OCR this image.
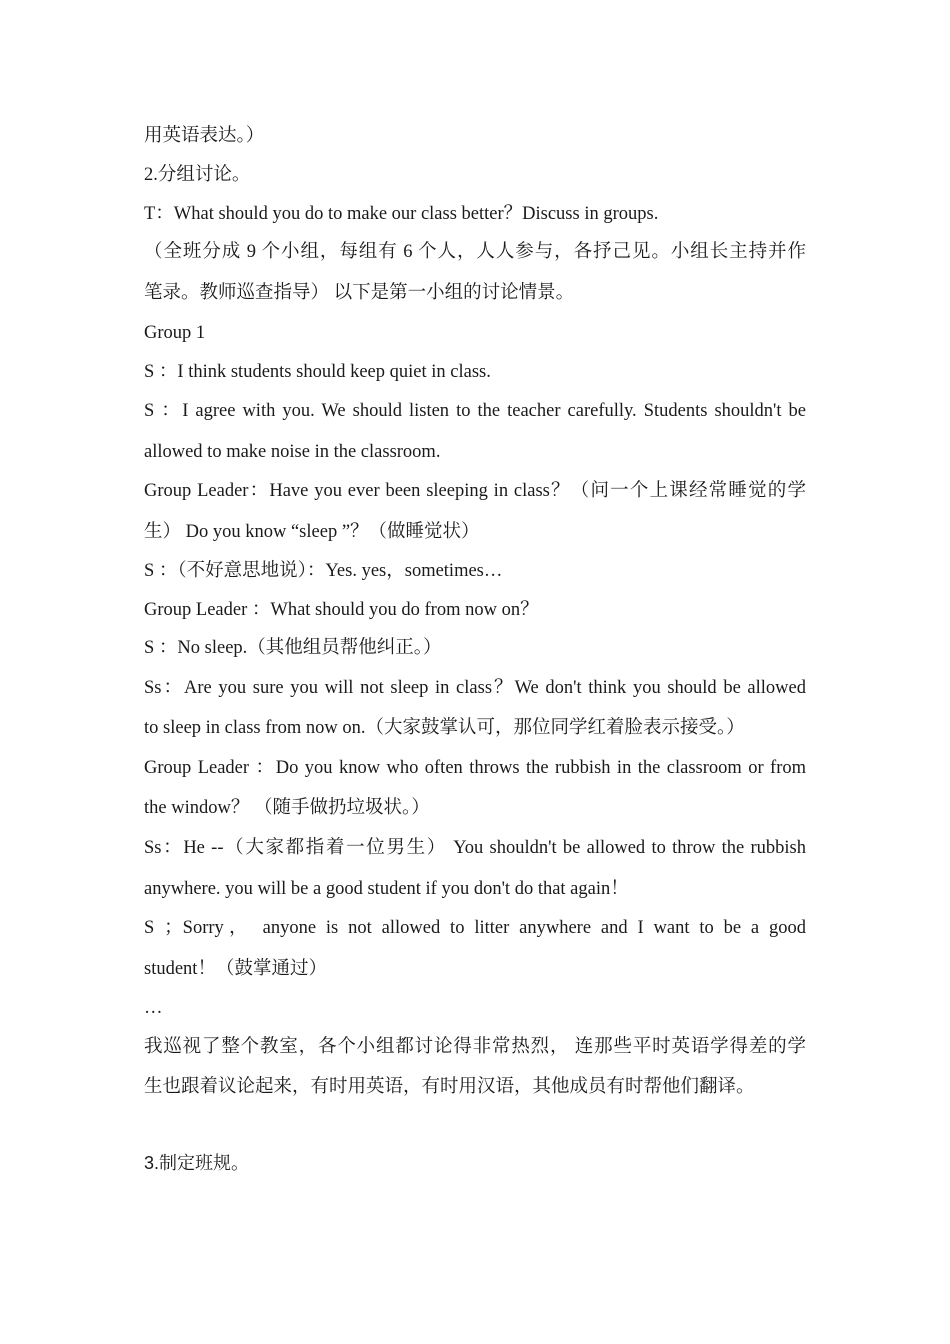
用英语表达。）
2.分组讨论。
T：What should you do to make our class better？Discuss in groups.
（全班分成 9 个小组，每组有 6 个人，人人参与，各抒己见。小组长主持并作
笔录。教师巡查指导） 以下是第一小组的讨论情景。
Group 1
S ：I think students should keep quiet in class.
S ：I agree with you. We should listen to the teacher carefully. Students shouldn't be
allowed to make noise in the classroom.
Group Leader：Have you ever been sleeping in class？（问一个上课经常睡觉的学
生） Do you know “sleep ”？（做睡觉状）
S ：（不好意思地说）：Yes. yes，sometimes…
Group Leader ：What should you do from now on？
S ：No sleep.（其他组员帮他纠正。）
Ss：Are you sure you will not sleep in class？We don't think you should be allowed
to sleep in class from now on.（大家鼓掌认可，那位同学红着脸表示接受。）
Group Leader ：Do you know who often throws the rubbish in the classroom or from
the window？ （随手做扔垃圾状。）
Ss：He --（大家都指着一位男生） You shouldn't be allowed to throw the rubbish
anywhere. you will be a good student if you don't do that again！
S ；Sorry， anyone is not allowed to litter anywhere and I want to be a good
student！（鼓掌通过）
…
我巡视了整个教室，各个小组都讨论得非常热烈， 连那些平时英语学得差的学
生也跟着议论起来，有时用英语，有时用汉语，其他成员有时帮他们翻译。
3.制定班规。
